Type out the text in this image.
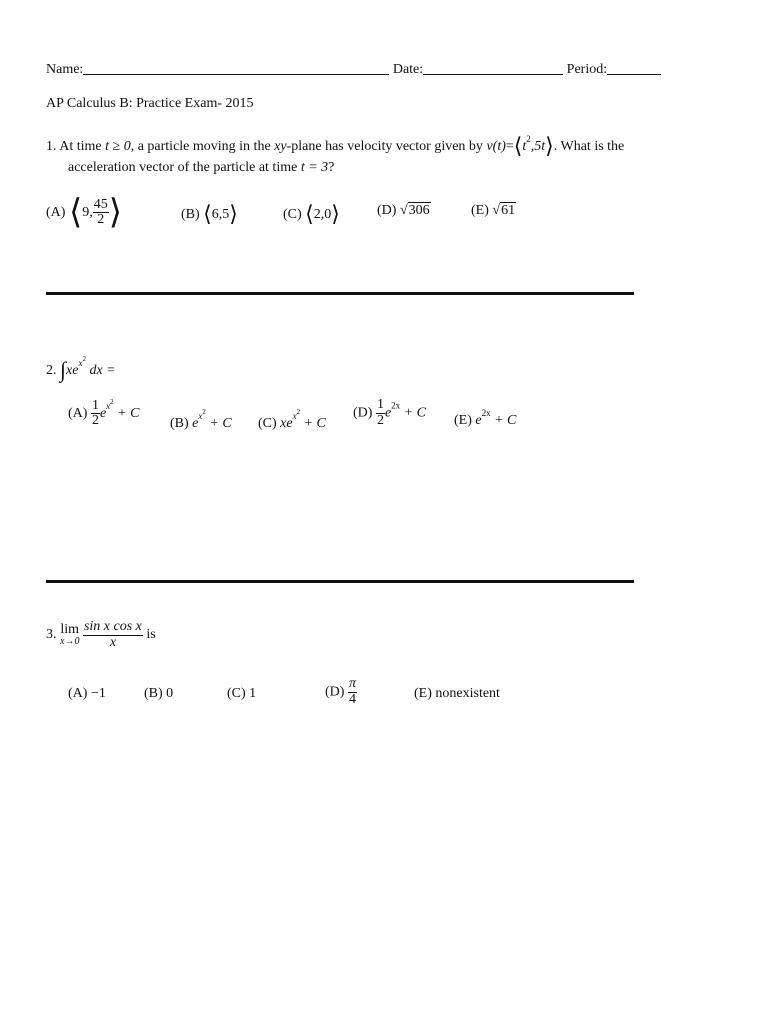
Name:	Date:	Period:
AP Calculus B: Practice Exam- 2015
1. At time t ≥ 0, a particle moving in the xy-plane has velocity vector given by $v(t)=⟨t^2,5t⟩$. What is the
acceleration vector of the particle at time t = 3?
(A) ⟨9, $\frac{45}{2}$ ⟩	(B) ⟨6,5⟩	(C) ⟨2,0⟩	(D) √306	(E) √61
2. $\int xe^{x2}$ dx =
$(A) \frac{1}{2} e^{x2} + C$
(B) $e^{x2} + C$ (C) $xe^{x2} + C$
$(D) \frac{1}{2} e^{2x} + C$
(E) $e^{2x} + C$
3. lim
x→0
$\frac{\text{sin x cos x}}{x}$ is
(A) −1	(B) 0	(C) 1	$(D) \frac{\pi}{4}$	(E) nonexistent
